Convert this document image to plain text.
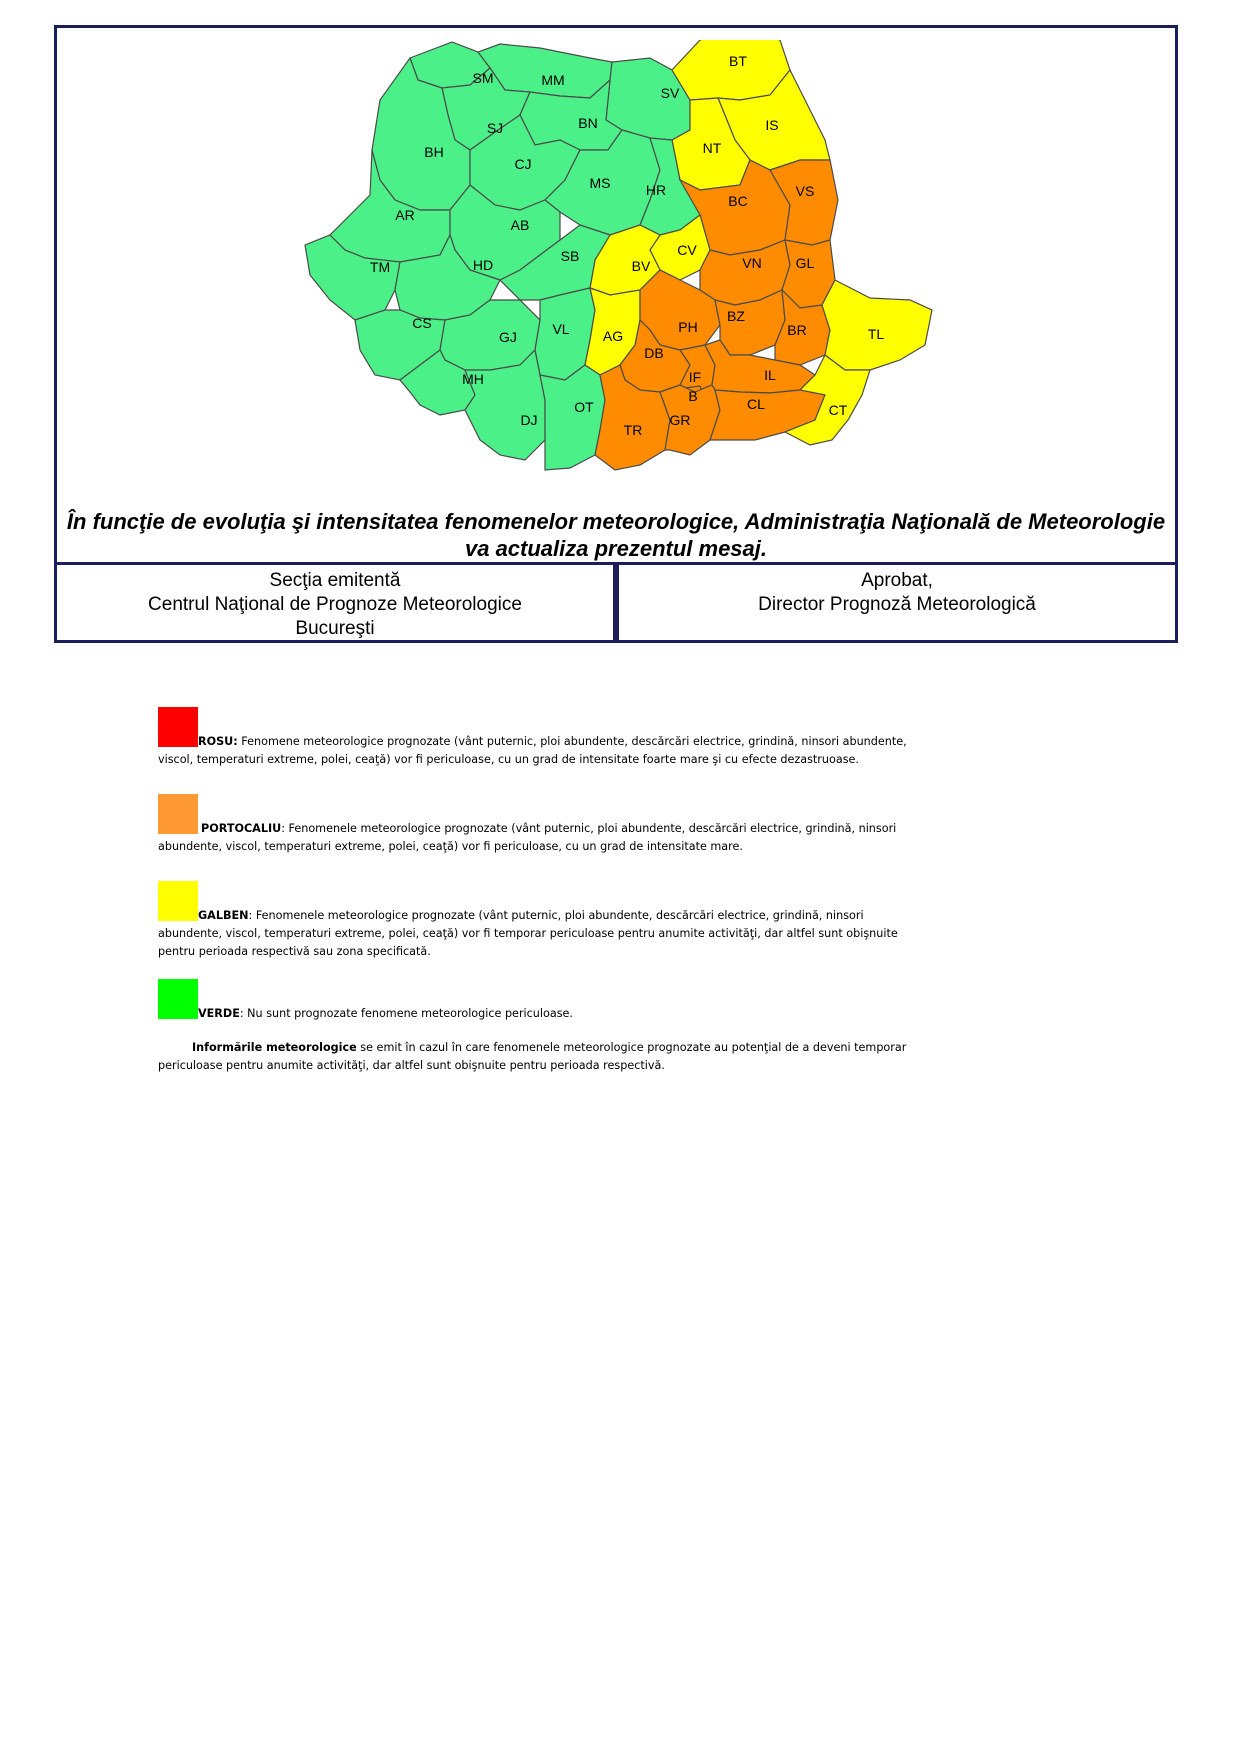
SM	MM
SV
BT
IS
NT
SJ	BN
BH
CJ
MS	HR
BC
VS
AR
AB
CV
BV	VN GL
TM	HD
SB
CS
GJ	VL AG
PH
BZ
BR	TL
DB
IF
B
IL
MH
DJ
OT
TR
GR
CL	CT
În funcţie de evoluţia şi intensitatea fenomenelor meteorologice, Administraţia Naţională de Meteorologie va actualiza prezentul mesaj.
Secţia emitentă
Centrul Naţional de Prognoze Meteorologice
Bucureşti
Aprobat,
Director Prognoză Meteorologică
ROSU: Fenomene meteorologice prognozate (vânt puternic, ploi abundente, descărcări electrice, grindină, ninsori abundente, viscol, temperaturi extreme, polei, ceaţă) vor fi periculoase, cu un grad de intensitate foarte mare şi cu efecte dezastruoase.
PORTOCALIU: Fenomenele meteorologice prognozate (vânt puternic, ploi abundente, descărcări electrice, grindină, ninsori abundente, viscol, temperaturi extreme, polei, ceaţă) vor fi periculoase, cu un grad de intensitate mare.
GALBEN: Fenomenele meteorologice prognozate (vânt puternic, ploi abundente, descărcări electrice, grindină, ninsori abundente, viscol, temperaturi extreme, polei, ceaţă) vor fi temporar periculoase pentru anumite activităţi, dar altfel sunt obişnuite pentru perioada respectivă sau zona specificată.
VERDE: Nu sunt prognozate fenomene meteorologice periculoase.
Informările meteorologice se emit în cazul în care fenomenele meteorologice prognozate au potenţial de a deveni temporar periculoase pentru anumite activităţi, dar altfel sunt obişnuite pentru perioada respectivă.
